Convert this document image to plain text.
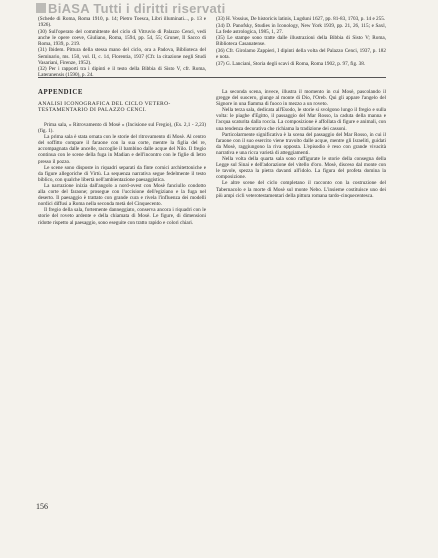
BiASA Tutti i diritti riservati

(Schede di Roma, Roma 1910, p. 14; Pietro Toesca, Libri illuminati..., p. 13 e 1926).

(30) Sull'operato del committente del ciclo di Vitruvio di Palazzo Cenci, vedi anche le opere coeve, Giuliano, Roma, 1594, pp. 54, 55; Gruner, Il Sacco di Roma, 1939, p. 219.

(31) Ibidem. Pittura della stessa mano del ciclo, ora a Padova, Biblioteca del Seminario, ms. 150, vol. II, c. 14, Florentia, 1937 (Cfr. la citazione negli Studi Vasariani, Firenze, 1952).

(32) Per i rapporti tra i dipinti e il testo della Bibbia di Sisto V, cfr. Roma, Lateranensis (1590), p. 24.

(33) H. Vossius, De historicis latinis, Lugduni 1627, pp. 81-83, 1703, p. 14 e 255.

(34) D. Panofsky, Studies in Iconology, New York 1939, pp. 21, 26, 115; e Saxl, La fede astrologica, 1985, 1, 27.

(35) Le stampe sono tratte dalle illustrazioni della Bibbia di Sisto V; Roma, Biblioteca Casanatense.

(36) Cfr. Girolamo Zappieri, I dipinti della volta del Palazzo Cenci, 1937, p. 182 e nota.

(37) G. Lanciani, Storia degli scavi di Roma, Roma 1902, p. 97, fig. 38.

APPENDICE
ANALISI ICONOGRAFICA DEL CICLO VETERO-TESTAMENTARIO DI PALAZZO CENCI.

Prima sala, « Ritrovamento di Mosè » (Incisione sul Fregio), (Es. 2,1 - 2,23) (fig. 1).

La prima sala è stata ornata con le storie del ritrovamento di Mosè. Al centro del soffitto compare il faraone con la sua corte, mentre la figlia del re, accompagnata dalle ancelle, raccoglie il bambino dalle acque del Nilo. Il fregio continua con le scene della fuga in Madian e dell'incontro con le figlie di Ietro presso il pozzo.

Le scene sono disposte in riquadri separati da finte cornici architettoniche e da figure allegoriche di Virtù. La sequenza narrativa segue fedelmente il testo biblico, con qualche libertà nell'ambientazione paesaggistica.

La narrazione inizia dall'angolo a nord-ovest con Mosè fanciullo condotto alla corte del faraone; prosegue con l'uccisione dell'egiziano e la fuga nel deserto. Il paesaggio è trattato con grande cura e rivela l'influenza dei modelli nordici diffusi a Roma nella seconda metà del Cinquecento.

Il fregio della sala, fortemente danneggiato, conserva ancora i riquadri con le storie del roveto ardente e della chiamata di Mosè. Le figure, di dimensioni ridotte rispetto al paesaggio, sono eseguite con tratto rapido e colori chiari.

La seconda scena, invece, illustra il momento in cui Mosè, pascolando il gregge del suocero, giunge al monte di Dio, l'Oreb. Qui gli appare l'angelo del Signore in una fiamma di fuoco in mezzo a un roveto.

Nella terza sala, dedicata all'Esodo, le storie si svolgono lungo il fregio e sulla volta: le piaghe d'Egitto, il passaggio del Mar Rosso, la caduta della manna e l'acqua scaturita dalla roccia. La composizione è affollata di figure e animali, con una tendenza decorativa che richiama la tradizione dei cassoni.

Particolarmente significativa è la scena del passaggio del Mar Rosso, in cui il faraone con il suo esercito viene travolto dalle acque, mentre gli Israeliti, guidati da Mosè, raggiungono la riva opposta. L'episodio è reso con grande vivacità narrativa e una ricca varietà di atteggiamenti.

Nella volta della quarta sala sono raffigurate le storie della consegna della Legge sul Sinai e dell'adorazione del vitello d'oro. Mosè, disceso dal monte con le tavole, spezza la pietra davanti all'idolo. La figura del profeta domina la composizione.

Le altre scene del ciclo completano il racconto con la costruzione del Tabernacolo e la morte di Mosè sul monte Nebo. L'insieme costituisce uno dei più ampi cicli veterotestamentari della pittura romana tardo-cinquecentesca.

156
